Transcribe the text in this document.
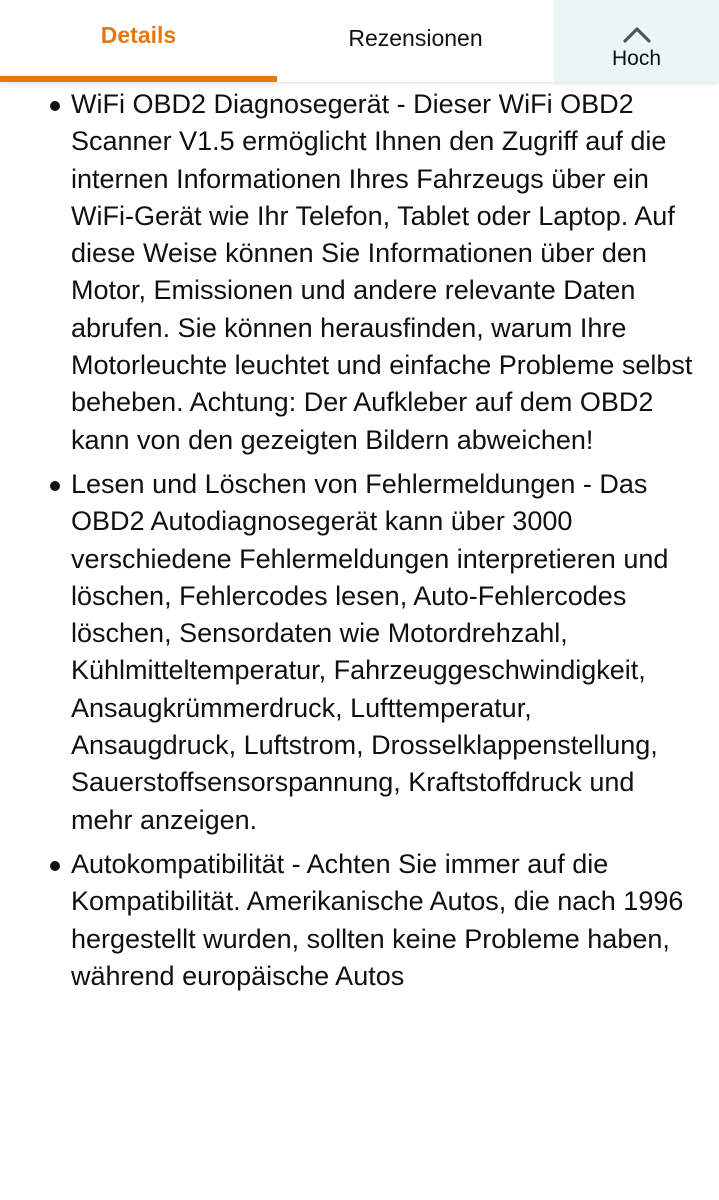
Details	Rezensionen
Hoch
WiFi OBD2 Diagnosegerät - Dieser WiFi OBD2 Scanner V1.5 ermöglicht Ihnen den Zugriff auf die internen Informationen Ihres Fahrzeugs über ein WiFi-Gerät wie Ihr Telefon, Tablet oder Laptop. Auf diese Weise können Sie Informationen über den Motor, Emissionen und andere relevante Daten abrufen. Sie können herausfinden, warum Ihre Motorleuchte leuchtet und einfache Probleme selbst beheben. Achtung: Der Aufkleber auf dem OBD2 kann von den gezeigten Bildern abweichen!
Lesen und Löschen von Fehlermeldungen - Das OBD2 Autodiagnosegerät kann über 3000 verschiedene Fehlermeldungen interpretieren und löschen, Fehlercodes lesen, Auto-Fehlercodes löschen, Sensordaten wie Motordrehzahl, Kühlmitteltemperatur, Fahrzeuggeschwindigkeit, Ansaugkrümmerdruck, Lufttemperatur, Ansaugdruck, Luftstrom, Drosselklappenstellung, Sauerstoffsensorspannung, Kraftstoffdruck und mehr anzeigen.
Autokompatibilität - Achten Sie immer auf die Kompatibilität. Amerikanische Autos, die nach 1996 hergestellt wurden, sollten keine Probleme haben, während europäische Autos
